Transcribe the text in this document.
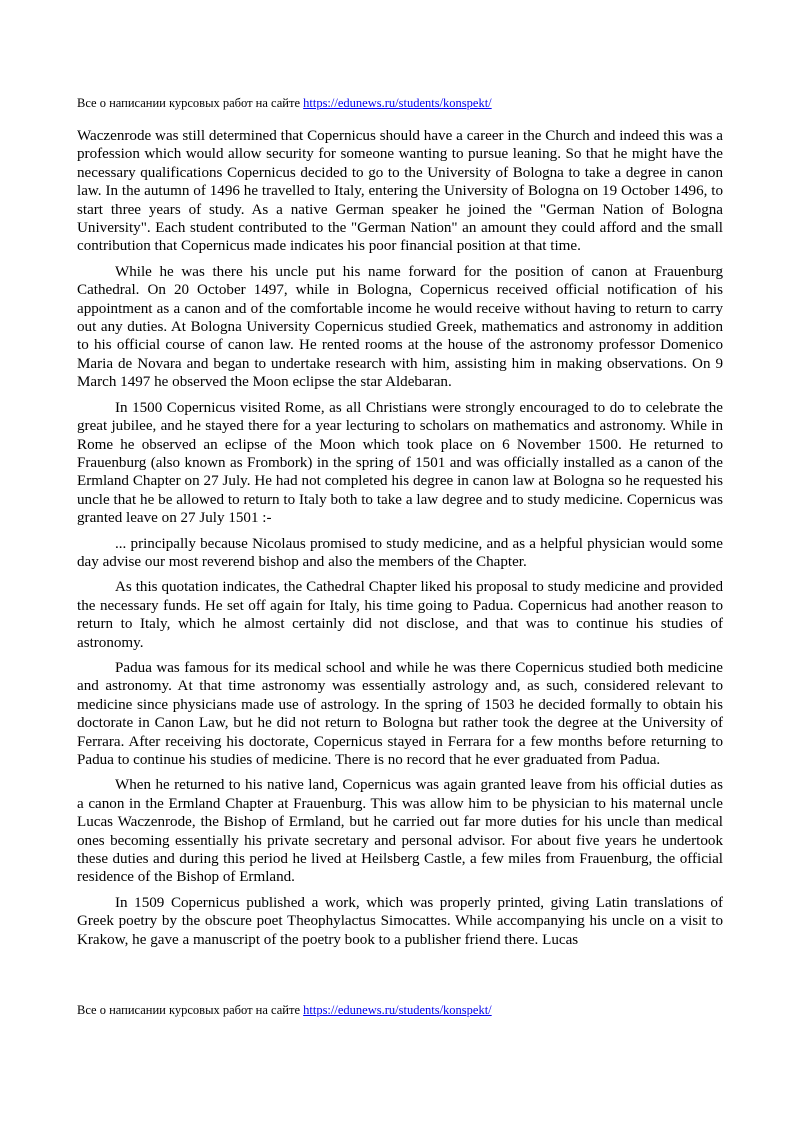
Все о написании курсовых работ на сайте https://edunews.ru/students/konspekt/

Waczenrode was still determined that Copernicus should have a career in the Church and indeed this was a profession which would allow security for someone wanting to pursue leaning. So that he might have the necessary qualifications Copernicus decided to go to the University of Bologna to take a degree in canon law. In the autumn of 1496 he travelled to Italy, entering the University of Bologna on 19 October 1496, to start three years of study. As a native German speaker he joined the "German Nation of Bologna University". Each student contributed to the "German Nation" an amount they could afford and the small contribution that Copernicus made indicates his poor financial position at that time.

While he was there his uncle put his name forward for the position of canon at Frauenburg Cathedral. On 20 October 1497, while in Bologna, Copernicus received official notification of his appointment as a canon and of the comfortable income he would receive without having to return to carry out any duties. At Bologna University Copernicus studied Greek, mathematics and astronomy in addition to his official course of canon law. He rented rooms at the house of the astronomy professor Domenico Maria de Novara and began to undertake research with him, assisting him in making observations. On 9 March 1497 he observed the Moon eclipse the star Aldebaran.

In 1500 Copernicus visited Rome, as all Christians were strongly encouraged to do to celebrate the great jubilee, and he stayed there for a year lecturing to scholars on mathematics and astronomy. While in Rome he observed an eclipse of the Moon which took place on 6 November 1500. He returned to Frauenburg (also known as Frombork) in the spring of 1501 and was officially installed as a canon of the Ermland Chapter on 27 July. He had not completed his degree in canon law at Bologna so he requested his uncle that he be allowed to return to Italy both to take a law degree and to study medicine. Copernicus was granted leave on 27 July 1501 :-

... principally because Nicolaus promised to study medicine, and as a helpful physician would some day advise our most reverend bishop and also the members of the Chapter.

As this quotation indicates, the Cathedral Chapter liked his proposal to study medicine and provided the necessary funds. He set off again for Italy, his time going to Padua. Copernicus had another reason to return to Italy, which he almost certainly did not disclose, and that was to continue his studies of astronomy.

Padua was famous for its medical school and while he was there Copernicus studied both medicine and astronomy. At that time astronomy was essentially astrology and, as such, considered relevant to medicine since physicians made use of astrology. In the spring of 1503 he decided formally to obtain his doctorate in Canon Law, but he did not return to Bologna but rather took the degree at the University of Ferrara. After receiving his doctorate, Copernicus stayed in Ferrara for a few months before returning to Padua to continue his studies of medicine. There is no record that he ever graduated from Padua.

When he returned to his native land, Copernicus was again granted leave from his official duties as a canon in the Ermland Chapter at Frauenburg. This was allow him to be physician to his maternal uncle Lucas Waczenrode, the Bishop of Ermland, but he carried out far more duties for his uncle than medical ones becoming essentially his private secretary and personal advisor. For about five years he undertook these duties and during this period he lived at Heilsberg Castle, a few miles from Frauenburg, the official residence of the Bishop of Ermland.

In 1509 Copernicus published a work, which was properly printed, giving Latin translations of Greek poetry by the obscure poet Theophylactus Simocattes. While accompanying his uncle on a visit to Krakow, he gave a manuscript of the poetry book to a publisher friend there. Lucas

Все о написании курсовых работ на сайте https://edunews.ru/students/konspekt/
